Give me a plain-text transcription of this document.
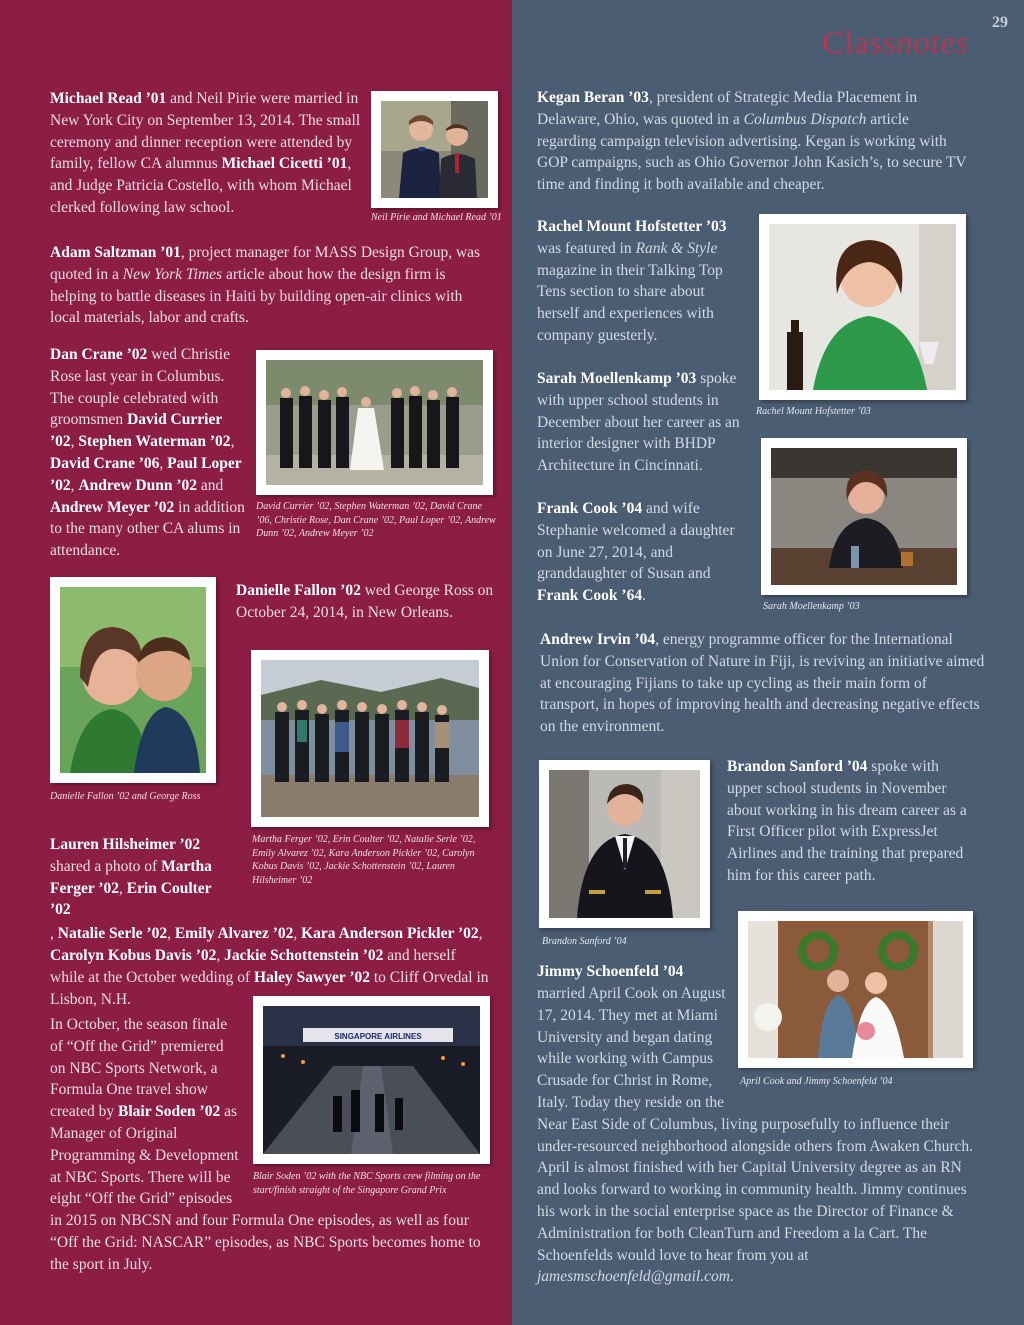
Michael Read ’01 and Neil Pirie were married in New York City on September 13, 2014. The small ceremony and dinner reception were attended by family, fellow CA alumnus Michael Cicetti ’01, and Judge Patricia Costello, with whom Michael clerked following law school.
Neil Pirie and Michael Read ’01
Adam Saltzman ’01, project manager for MASS Design Group, was quoted in a New York Times article about how the design firm is helping to battle diseases in Haiti by building open-air clinics with local materials, labor and crafts.
Dan Crane ’02 wed Christie Rose last year in Columbus. The couple celebrated with groomsmen David Currier ’02, Stephen Waterman ’02, David Crane ’06, Paul Loper ’02, Andrew Dunn ’02 and Andrew Meyer ’02 in addition to the many other CA alums in attendance.
David Currier ’02, Stephen Waterman ’02, David Crane ’06, Christie Rose, Dan Crane ’02, Paul Loper ’02, Andrew Dunn ’02, Andrew Meyer ’02
Danielle Fallon ’02 and George Ross
Danielle Fallon ’02 wed George Ross on October 24, 2014, in New Orleans.
Martha Ferger ’02, Erin Coulter ’02, Natalie Serle ’02, Emily Alvarez ’02, Kara Anderson Pickler ’02, Carolyn Kobus Davis ’02, Jackie Schottenstein ’02, Lauren Hilsheimer ’02
Lauren Hilsheimer ’02 shared a photo of Martha Ferger ’02, Erin Coulter ’02
, Natalie Serle ’02, Emily Alvarez ’02, Kara Anderson Pickler ’02, Carolyn Kobus Davis ’02, Jackie Schottenstein ’02 and herself while at the October wedding of Haley Sawyer ’02 to Cliff Orvedal in Lisbon, N.H.
In October, the season finale of “Off the Grid” premiered on NBC Sports Network, a Formula One travel show created by Blair Soden ’02 as Manager of Original Programming & Development at NBC Sports. There will be eight “Off the Grid” episodes in 2015 on NBCSN and four Formula One episodes, as well as four “Off the Grid: NASCAR” episodes, as NBC Sports becomes home to the sport in July.
SINGAPORE AIRLINES
Blair Soden ’02 with the NBC Sports crew filming on the start/finish straight of the Singapore Grand Prix
29
Classnotes
Kegan Beran ’03, president of Strategic Media Placement in Delaware, Ohio, was quoted in a Columbus Dispatch article regarding campaign television advertising. Kegan is working with GOP campaigns, such as Ohio Governor John Kasich’s, to secure TV time and finding it both available and cheaper.
Rachel Mount Hofstetter ’03 was featured in Rank & Style magazine in their Talking Top Tens section to share about herself and experiences with company guesterly.
Rachel Mount Hofstetter ’03
Sarah Moellenkamp ’03 spoke with upper school students in December about her career as an interior designer with BHDP Architecture in Cincinnati.
Sarah Moellenkamp ’03
Frank Cook ’04 and wife Stephanie welcomed a daughter on June 27, 2014, and granddaughter of Susan and Frank Cook ’64.
Andrew Irvin ’04, energy programme officer for the International Union for Conservation of Nature in Fiji, is reviving an initiative aimed at encouraging Fijians to take up cycling as their main form of transport, in hopes of improving health and decreasing negative effects on the environment.
Brandon Sanford ’04
Brandon Sanford ’04 spoke with upper school students in November about working in his dream career as a First Officer pilot with ExpressJet Airlines and the training that prepared him for this career path.
April Cook and Jimmy Schoenfeld ’04
Jimmy Schoenfeld ’04
married April Cook on August 17, 2014. They met at Miami University and began dating while working with Campus Crusade for Christ in Rome, Italy. Today they reside on the Near East Side of Columbus, living purposefully to influence their under-resourced neighborhood alongside others from Awaken Church. April is almost finished with her Capital University degree as an RN and looks forward to working in community health. Jimmy continues his work in the social enterprise space as the Director of Finance & Administration for both CleanTurn and Freedom a la Cart. The Schoenfelds would love to hear from you at jamesmschoenfeld@gmail.com.
